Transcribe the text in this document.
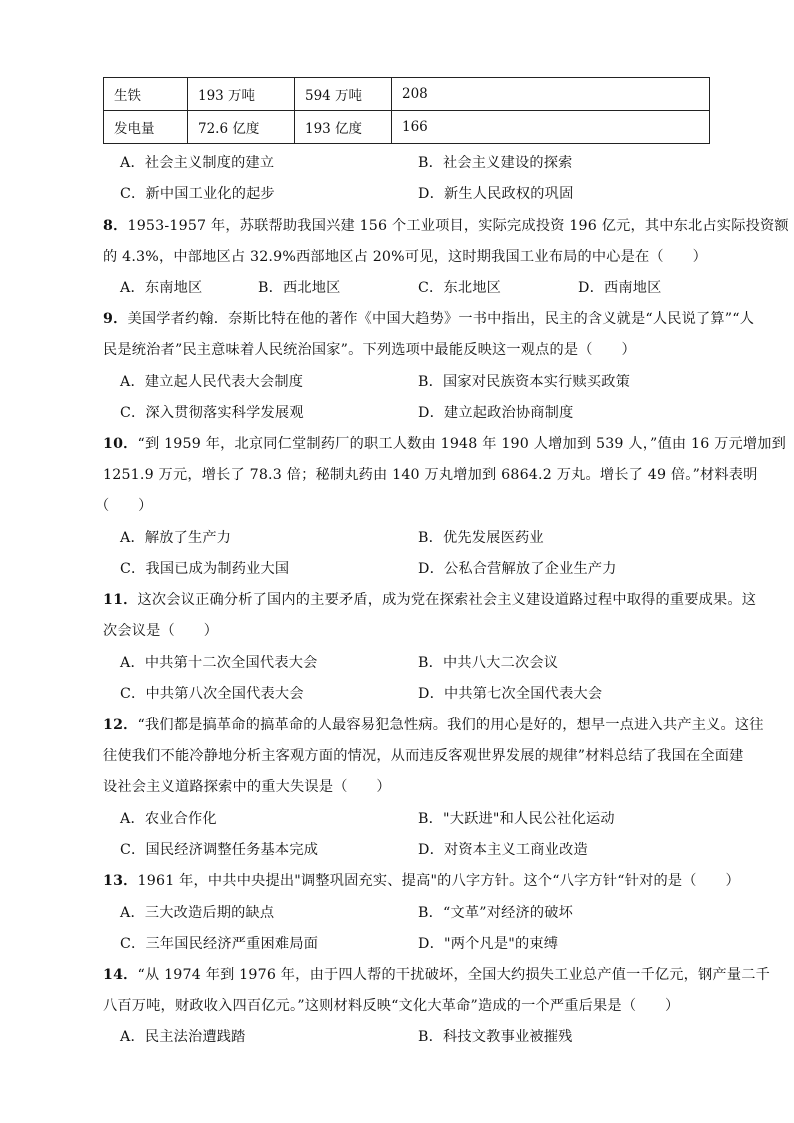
生铁	193 万吨	594 万吨	208
发电量	72.6 亿度	193 亿度	166
A．社会主义制度的建立	B．社会主义建设的探索
C．新中国工业化的起步	D．新生人民政权的巩固
8．1953-1957 年，苏联帮助我国兴建 156 个工业项目，实际完成投资 196 亿元，其中东北占实际投资额
的 4.3%，中部地区占 32.9%西部地区占 20%可见，这时期我国工业布局的中心是在（　　）
A．东南地区	B．西北地区	C．东北地区	D．西南地区
9．美国学者约翰．奈斯比特在他的著作《中国大趋势》一书中指出，民主的含义就是“人民说了算”“人
民是统治者”民主意味着人民统治国家”。下列选项中最能反映这一观点的是（　　）
A．建立起人民代表大会制度	B．国家对民族资本实行赎买政策
C．深入贯彻落实科学发展观	D．建立起政治协商制度
10．“到 1959 年，北京同仁堂制药厂的职工人数由 1948 年 190 人增加到 539 人，”值由 16 万元增加到
1251.9 万元，增长了 78.3 倍；秘制丸药由 140 万丸增加到 6864.2 万丸。增长了 49 倍。”材料表明
（　　）
A．解放了生产力	B．优先发展医药业
C．我国已成为制药业大国	D．公私合营解放了企业生产力
11．这次会议正确分析了国内的主要矛盾，成为党在探索社会主义建设道路过程中取得的重要成果。这
次会议是（　　）
A．中共第十二次全国代表大会	B．中共八大二次会议
C．中共第八次全国代表大会	D．中共第七次全国代表大会
12．“我们都是搞革命的搞革命的人最容易犯急性病。我们的用心是好的，想早一点进入共产主义。这往
往使我们不能冷静地分析主客观方面的情况，从而违反客观世界发展的规律”材料总结了我国在全面建
设社会主义道路探索中的重大失误是（　　）
A．农业合作化	B．"大跃进"和人民公社化运动
C．国民经济调整任务基本完成	D．对资本主义工商业改造
13．1961 年，中共中央提出"调整巩固充实、提高"的八字方针。这个“八字方针“针对的是（　　）
A．三大改造后期的缺点	B．“文革”对经济的破坏
C．三年国民经济严重困难局面	D．"两个凡是"的束缚
14．“从 1974 年到 1976 年，由于四人帮的干扰破坏，全国大约损失工业总产值一千亿元，钢产量二千
八百万吨，财政收入四百亿元。”这则材料反映“文化大革命”造成的一个严重后果是（　　）
A．民主法治遭践踏	B．科技文教事业被摧残
